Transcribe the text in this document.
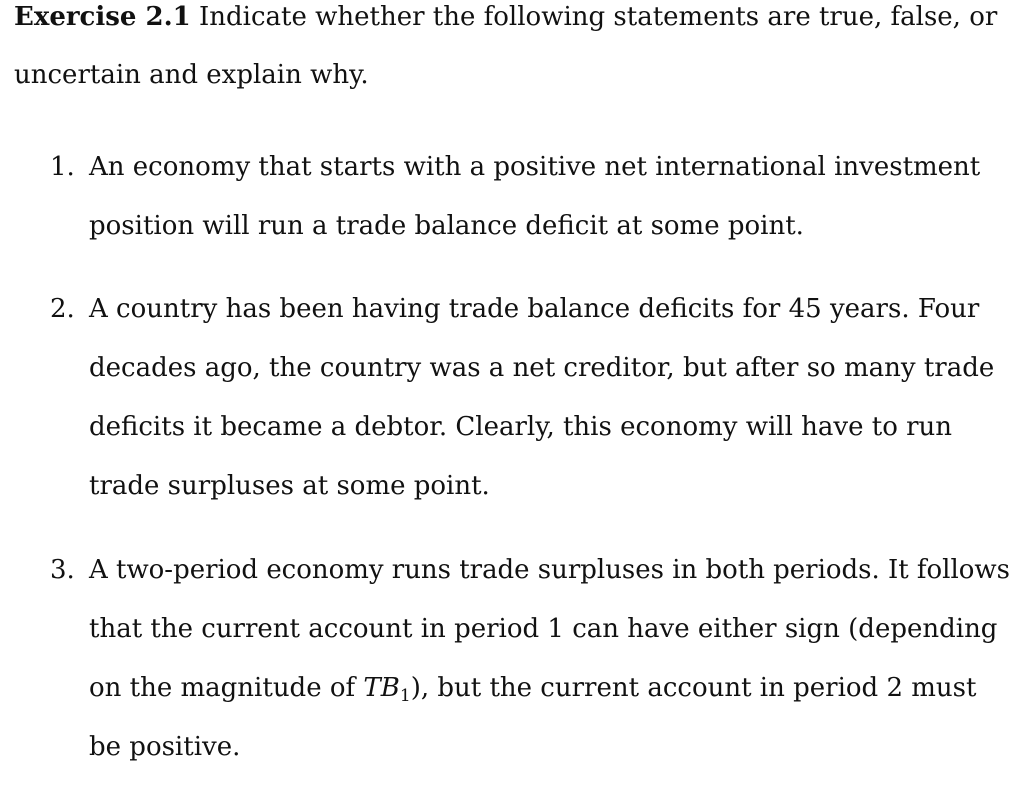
Exercise 2.1 Indicate whether the following statements are true, false, or
uncertain and explain why.
1. An economy that starts with a positive net international investment
position will run a trade balance deficit at some point.
2. A country has been having trade balance deficits for 45 years. Four
decades ago, the country was a net creditor, but after so many trade
deficits it became a debtor. Clearly, this economy will have to run
trade surpluses at some point.
3. A two-period economy runs trade surpluses in both periods. It follows
that the current account in period 1 can have either sign (depending
on the magnitude of $TB_1$), but the current account in period 2 must
be positive.
